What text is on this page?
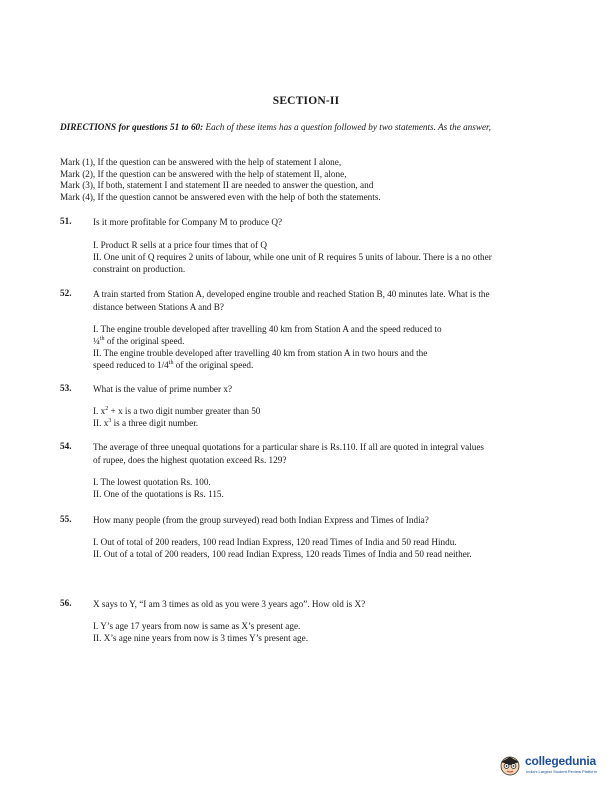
SECTION-II
DIRECTIONS for questions 51 to 60: Each of these items has a question followed by two statements. As the answer,
Mark (1), If the question can be answered with the help of statement I alone,
Mark (2), If the question can be answered with the help of statement II, alone,
Mark (3), If both, statement I and statement II are needed to answer the question, and
Mark (4), If the question cannot be answered even with the help of both the statements.
51. Is it more profitable for Company M to produce Q?
I. Product R sells at a price four times that of Q
II. One unit of Q requires 2 units of labour, while one unit of R requires 5 units of labour. There is a no other constraint on production.
52. A train started from Station A, developed engine trouble and reached Station B, 40 minutes late. What is the distance between Stations A and B?
I. The engine trouble developed after travelling 40 km from Station A and the speed reduced to
¼$^{th}$ of the original speed.
II. The engine trouble developed after travelling 40 km from station A in two hours and the
speed reduced to 1/4th of the original speed.
53. What is the value of prime number x?
I. $x^2 + x$ is a two digit number greater than 50
II. $x^3$ is a three digit number.
54. The average of three unequal quotations for a particular share is Rs.110. If all are quoted in integral values of rupee, does the highest quotation exceed Rs. 129?
I. The lowest quotation Rs. 100.
II. One of the quotations is Rs. 115.
55. How many people (from the group surveyed) read both Indian Express and Times of India?
I. Out of total of 200 readers, 100 read Indian Express, 120 read Times of India and 50 read Hindu.
II. Out of a total of 200 readers, 100 read Indian Express, 120 reads Times of India and 50 read neither.
56. X says to Y, “I am 3 times as old as you were 3 years ago”. How old is X?
I. Y’s age 17 years from now is same as X’s present age.
II. X’s age nine years from now is 3 times Y’s present age.
collegedunia
India's Largest Student Review Platform
